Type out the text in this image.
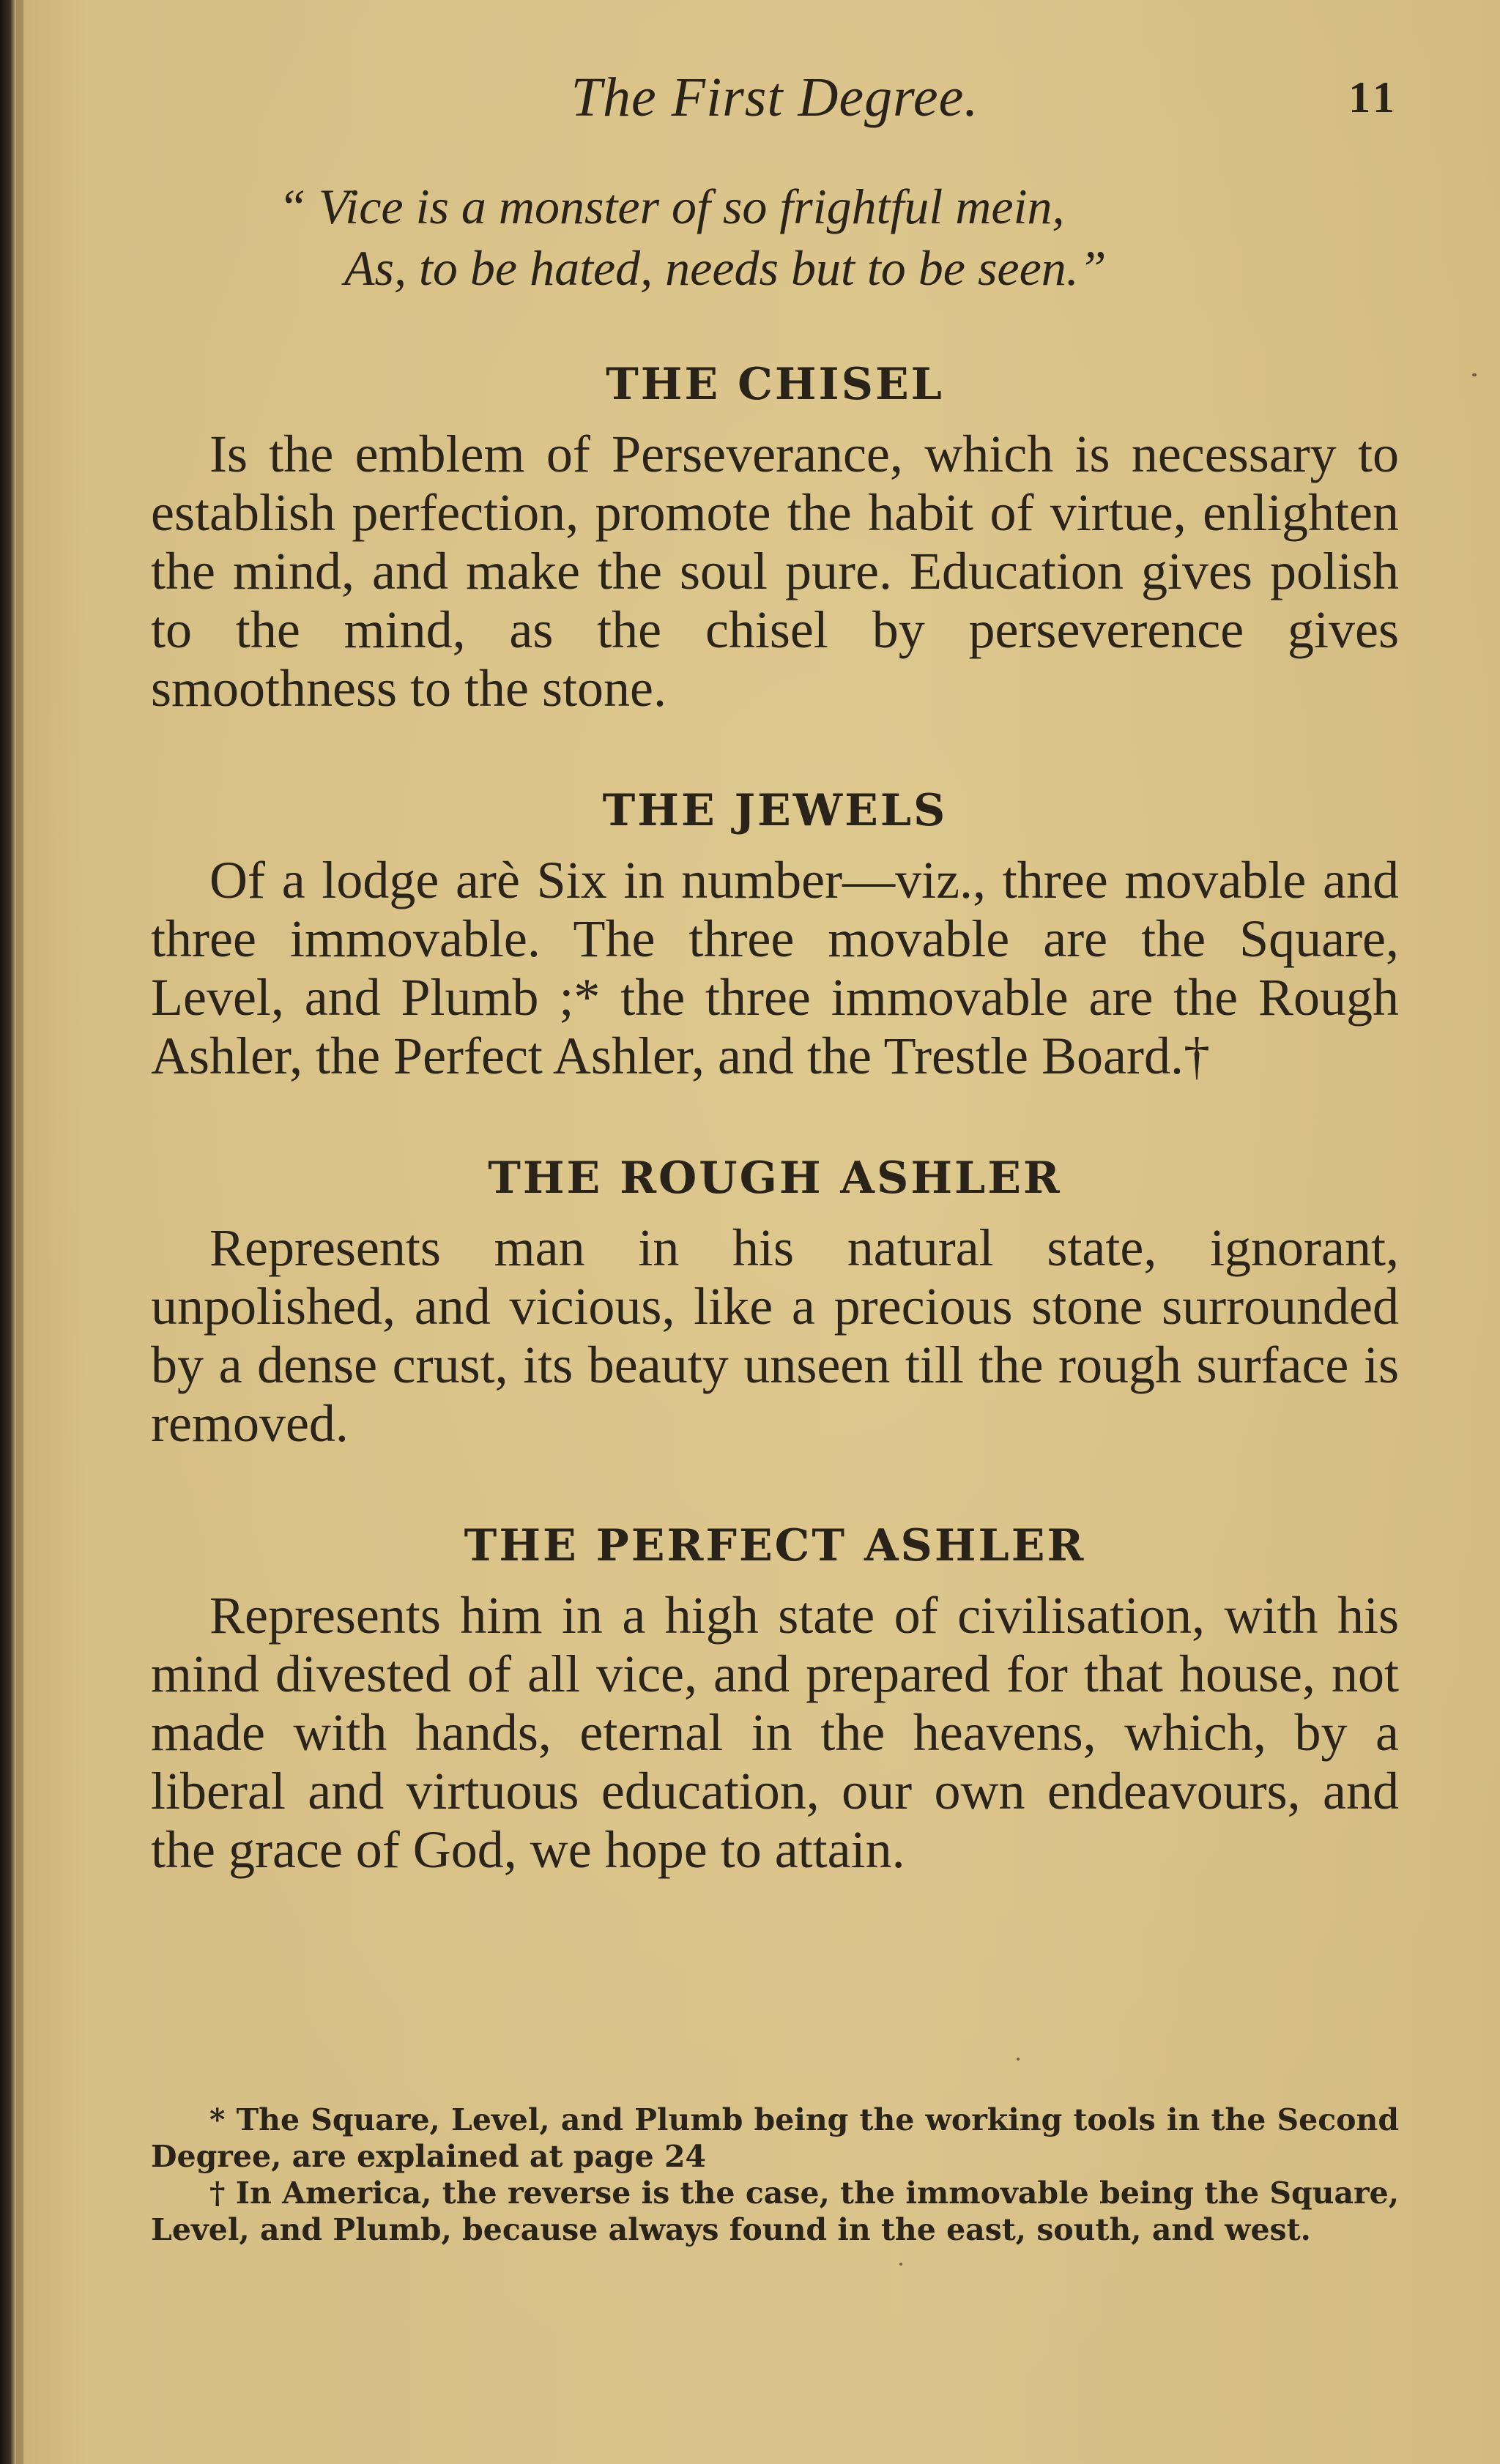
The First Degree.	11
“ Vice is a monster of so frightful mein,
As, to be hated, needs but to be seen.”
THE CHISEL

Is the emblem of Perseverance, which is necessary to establish perfection, promote the habit of virtue, enlighten the mind, and make the soul pure. Education gives polish to the mind, as the chisel by perseverence gives smoothness to the stone.

THE JEWELS

Of a lodge arè Six in number—viz., three movable and three immovable. The three movable are the Square, Level, and Plumb ;* the three immovable are the Rough Ashler, the Perfect Ashler, and the Trestle Board.†

THE ROUGH ASHLER

Represents man in his natural state, ignorant, unpolished, and vicious, like a precious stone surrounded by a dense crust, its beauty unseen till the rough surface is removed.

THE PERFECT ASHLER

Represents him in a high state of civilisation, with his mind divested of all vice, and prepared for that house, not made with hands, eternal in the heavens, which, by a liberal and virtuous education, our own endeavours, and the grace of God, we hope to attain.

* The Square, Level, and Plumb being the working tools in the Second Degree, are explained at page 24

† In America, the reverse is the case, the immovable being the Square, Level, and Plumb, because always found in the east, south, and west.
